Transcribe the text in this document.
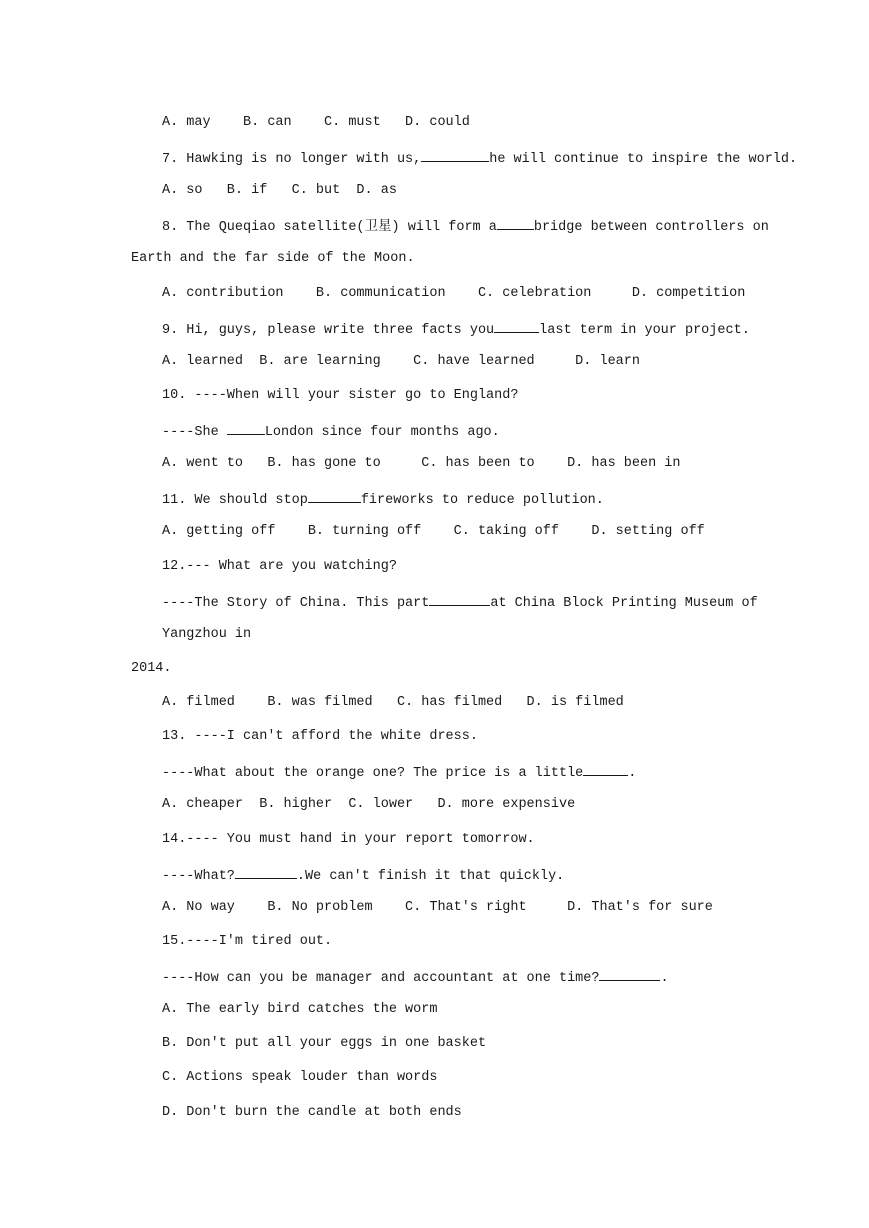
A. may    B. can    C. must   D. could
7. Hawking is no longer with us,	he will continue to inspire the world.
A. so   B. if   C. but  D. as
8. The Queqiao satellite(卫星) will form a	bridge between controllers on
Earth and the far side of the Moon.
A. contribution    B. communication    C. celebration     D. competition
9. Hi, guys, please write three facts you	last term in your project.
A. learned  B. are learning    C. have learned     D. learn
10. ----When will your sister go to England?
----She	London since four months ago.
A. went to   B. has gone to     C. has been to    D. has been in
11. We should stop	fireworks to reduce pollution.
A. getting off    B. turning off    C. taking off    D. setting off
12.--- What are you watching?
----The Story of China. This part	at China Block Printing Museum of
Yangzhou in
2014.
A. filmed    B. was filmed   C. has filmed   D. is filmed
13. ----I can't afford the white dress.
----What about the orange one? The price is a little	.
A. cheaper  B. higher  C. lower   D. more expensive
14.---- You must hand in your report tomorrow.
----What?	.We can't finish it that quickly.
A. No way    B. No problem    C. That's right     D. That's for sure
15.----I'm tired out.
----How can you be manager and accountant at one time?	.
A. The early bird catches the worm
B. Don't put all your eggs in one basket
C. Actions speak louder than words
D. Don't burn the candle at both ends
